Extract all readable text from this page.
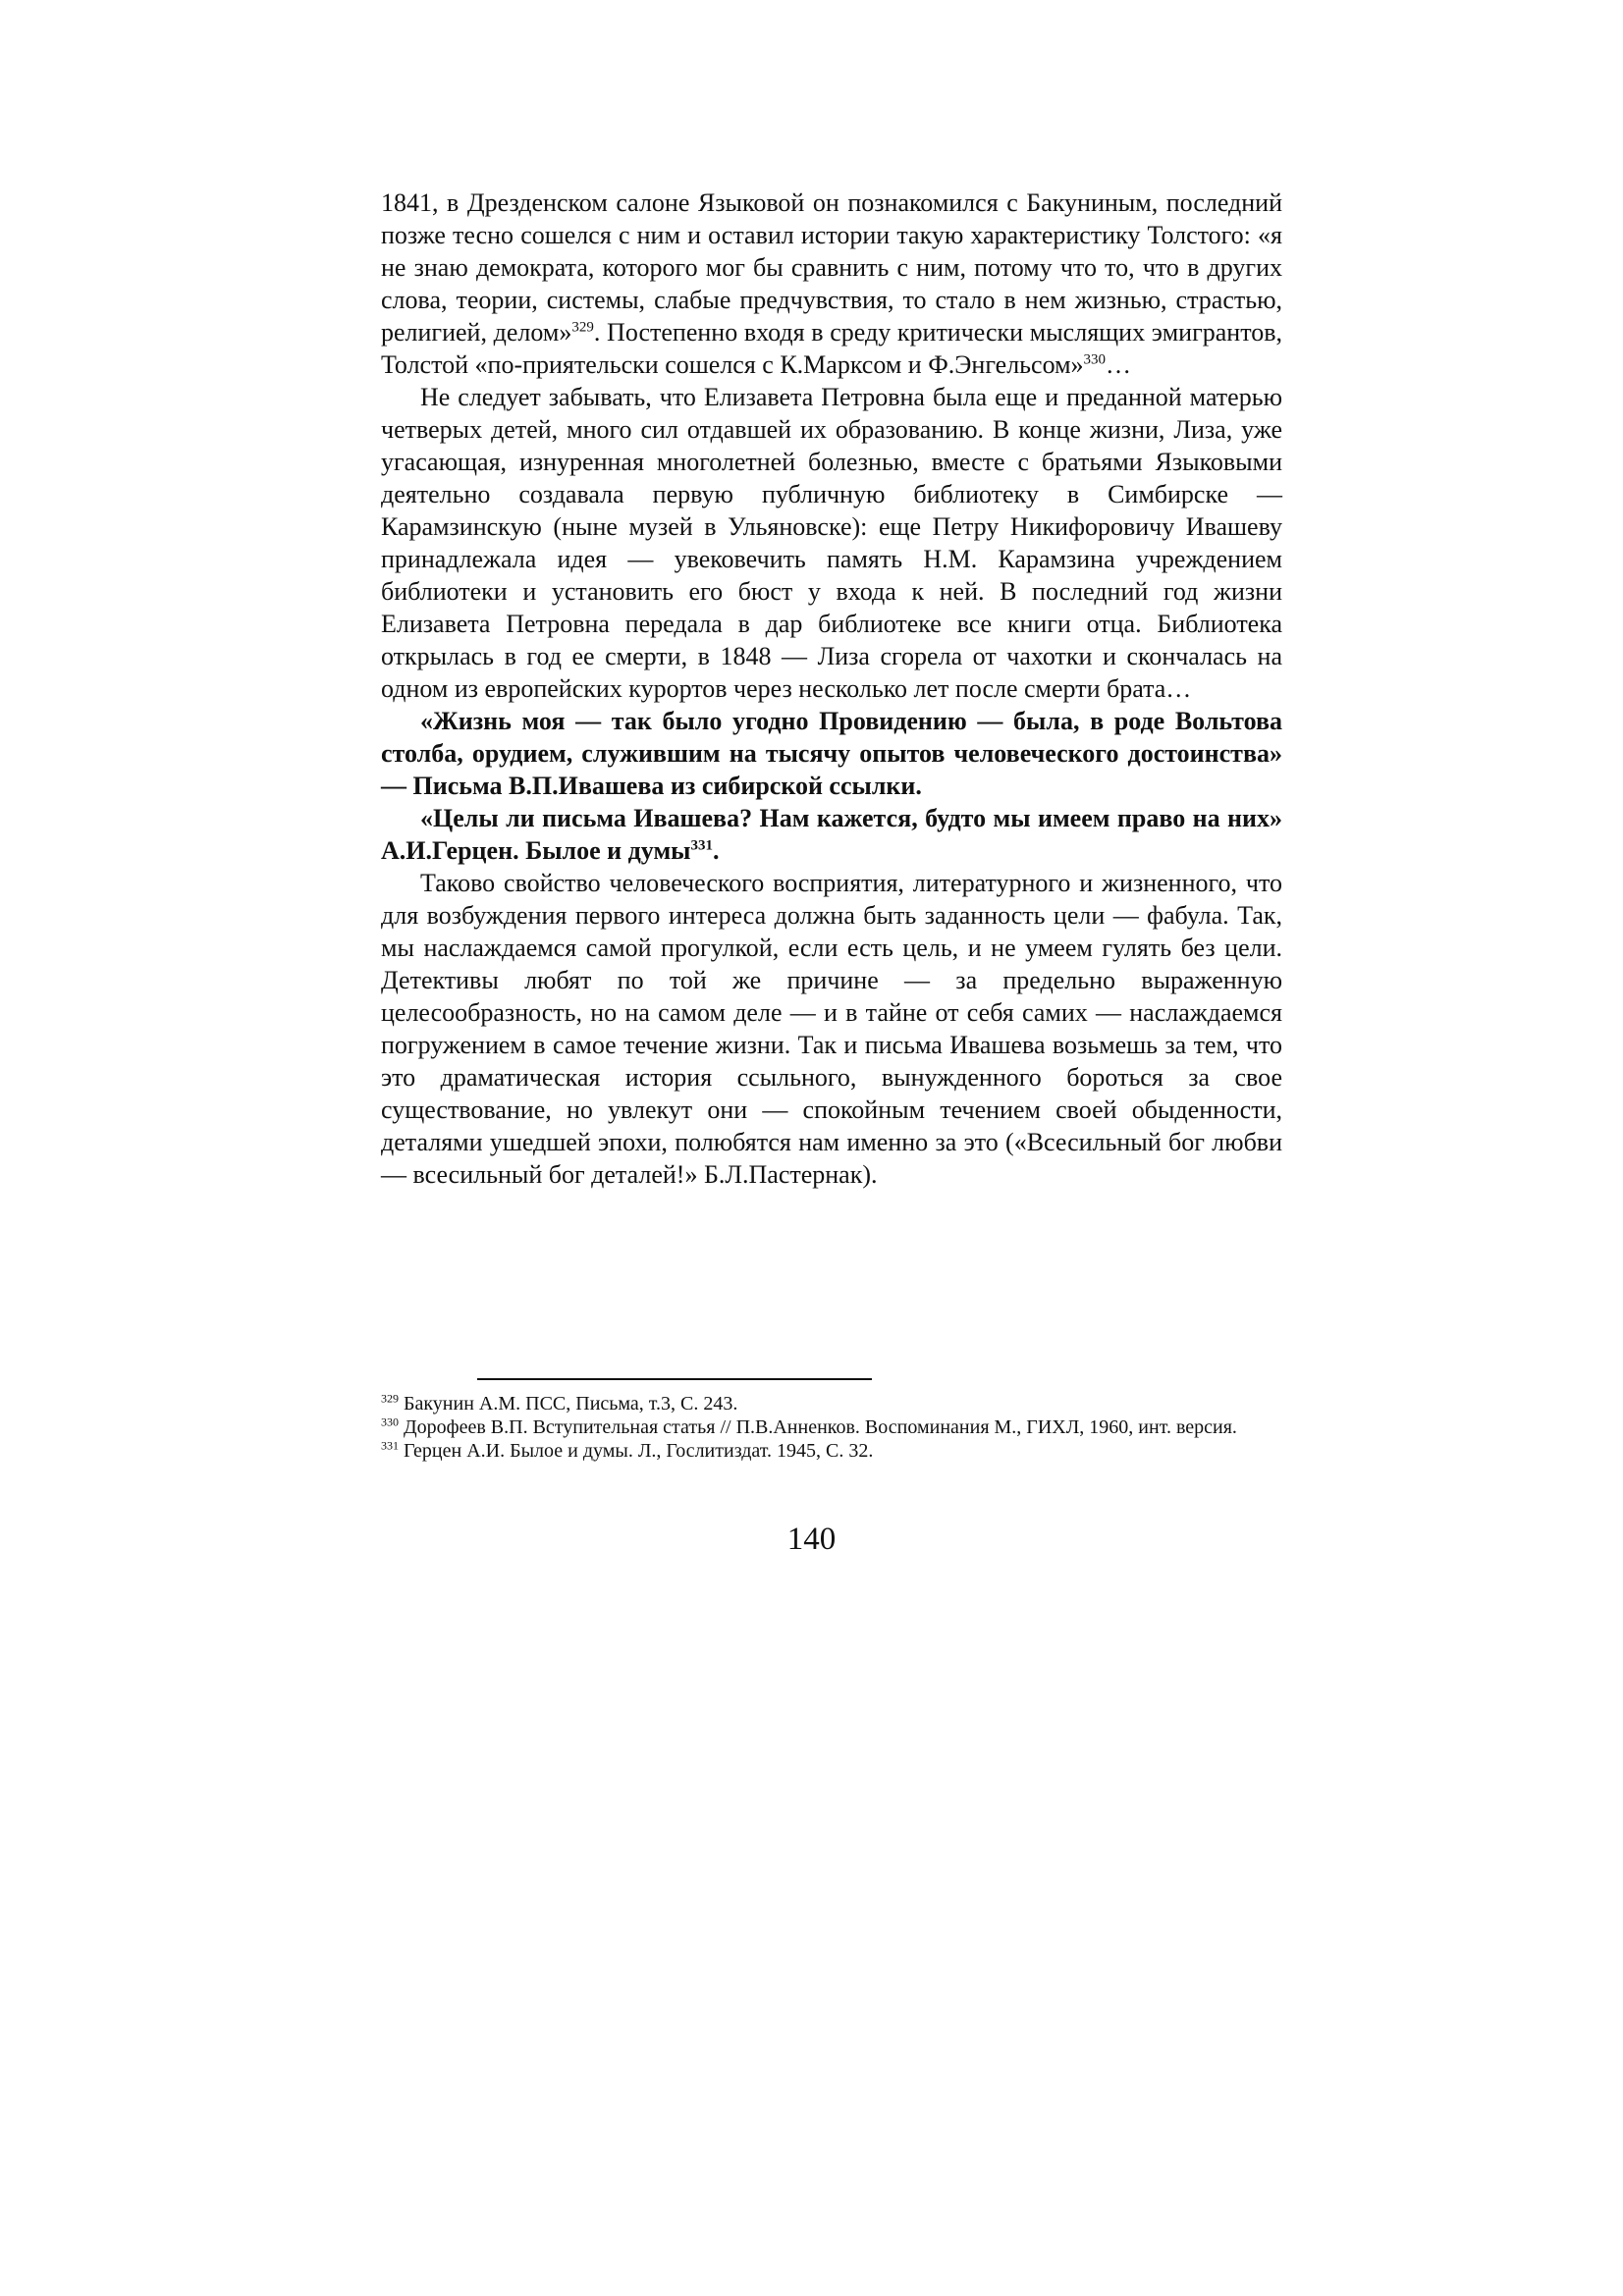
1841, в Дрезденском салоне Языковой он познакомился с Бакуниным, последний позже тесно сошелся с ним и оставил истории такую характеристику Толстого: «я не знаю демократа, которого мог бы сравнить с ним, потому что то, что в других слова, теории, системы, слабые предчувствия, то стало в нем жизнью, страстью, религией, делом»$^{329}$. Постепенно входя в среду критически мыслящих эмигрантов, Толстой «по-приятельски сошелся с К.Марксом и Ф.Энгельсом»$^{330}$…

Не следует забывать, что Елизавета Петровна была еще и преданной матерью четверых детей, много сил отдавшей их образованию. В конце жизни, Лиза, уже угасающая, изнуренная многолетней болезнью, вместе с братьями Языковыми деятельно создавала первую публичную библиотеку в Симбирске — Карамзинскую (ныне музей в Ульяновске): еще Петру Никифоровичу Ивашеву принадлежала идея — увековечить память Н.М. Карамзина учреждением библиотеки и установить его бюст у входа к ней. В последний год жизни Елизавета Петровна передала в дар библиотеке все книги отца. Библиотека открылась в год ее смерти, в 1848 — Лиза сгорела от чахотки и скончалась на одном из европейских курортов через несколько лет после смерти брата…

«Жизнь моя — так было угодно Провидению — была, в роде Вольтова столба, орудием, служившим на тысячу опытов человеческого достоинства» — Письма В.П.Ивашева из сибирской ссылки.

«Целы ли письма Ивашева? Нам кажется, будто мы имеем право на них» А.И.Герцен. Былое и думы$^{331}$.

Таково свойство человеческого восприятия, литературного и жизненного, что для возбуждения первого интереса должна быть заданность цели — фабула. Так, мы наслаждаемся самой прогулкой, если есть цель, и не умеем гулять без цели. Детективы любят по той же причине — за предельно выраженную целесообразность, но на самом деле — и в тайне от себя самих — наслаждаемся погружением в самое течение жизни. Так и письма Ивашева возьмешь за тем, что это драматическая история ссыльного, вынужденного бороться за свое существование, но увлекут они — спокойным течением своей обыденности, деталями ушедшей эпохи, полюбятся нам именно за это («Всесильный бог любви — всесильный бог деталей!» Б.Л.Пастернак).

$^{329}$ Бакунин А.М. ПСС, Письма, т.3, С. 243.

$^{330}$ Дорофеев В.П. Вступительная статья // П.В.Анненков. Воспоминания М., ГИХЛ, 1960, инт. версия.

$^{331}$ Герцен А.И. Былое и думы. Л., Гослитиздат. 1945, С. 32.

140
